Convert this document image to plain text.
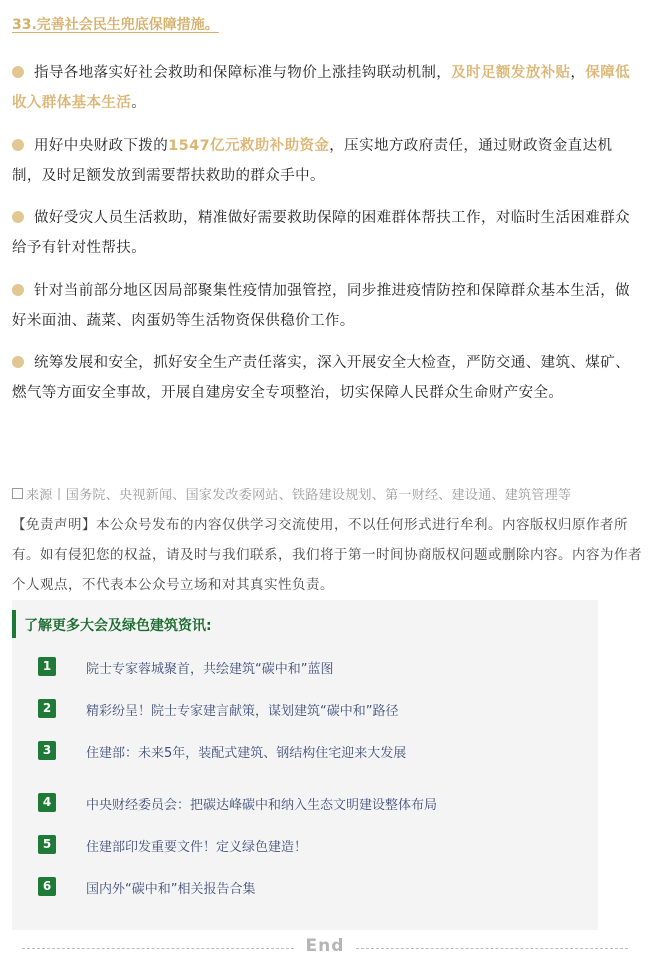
33.完善社会民生兜底保障措施。
指导各地落实好社会救助和保障标准与物价上涨挂钩联动机制，及时足额发放补贴，保障低收入群体基本生活。
用好中央财政下拨的1547亿元救助补助资金，压实地方政府责任，通过财政资金直达机制，及时足额发放到需要帮扶救助的群众手中。
做好受灾人员生活救助，精准做好需要救助保障的困难群体帮扶工作，对临时生活困难群众给予有针对性帮扶。
针对当前部分地区因局部聚集性疫情加强管控，同步推进疫情防控和保障群众基本生活，做好米面油、蔬菜、肉蛋奶等生活物资保供稳价工作。
统筹发展和安全，抓好安全生产责任落实，深入开展安全大检查，严防交通、建筑、煤矿、燃气等方面安全事故，开展自建房安全专项整治，切实保障人民群众生命财产安全。
来源丨国务院、央视新闻、国家发改委网站、铁路建设规划、第一财经、建设通、建筑管理等
【免责声明】本公众号发布的内容仅供学习交流使用，不以任何形式进行牟利。内容版权归原作者所有。如有侵犯您的权益，请及时与我们联系，我们将于第一时间协商版权问题或删除内容。内容为作者个人观点，不代表本公众号立场和对其真实性负责。
了解更多大会及绿色建筑资讯:
1	院士专家蓉城聚首，共绘建筑“碳中和”蓝图
2	精彩纷呈！院士专家建言献策，谋划建筑“碳中和”路径
3	住建部：未来5年，装配式建筑、钢结构住宅迎来大发展
4	中央财经委员会：把碳达峰碳中和纳入生态文明建设整体布局
5	住建部印发重要文件！定义绿色建造！
6	国内外“碳中和”相关报告合集
End
